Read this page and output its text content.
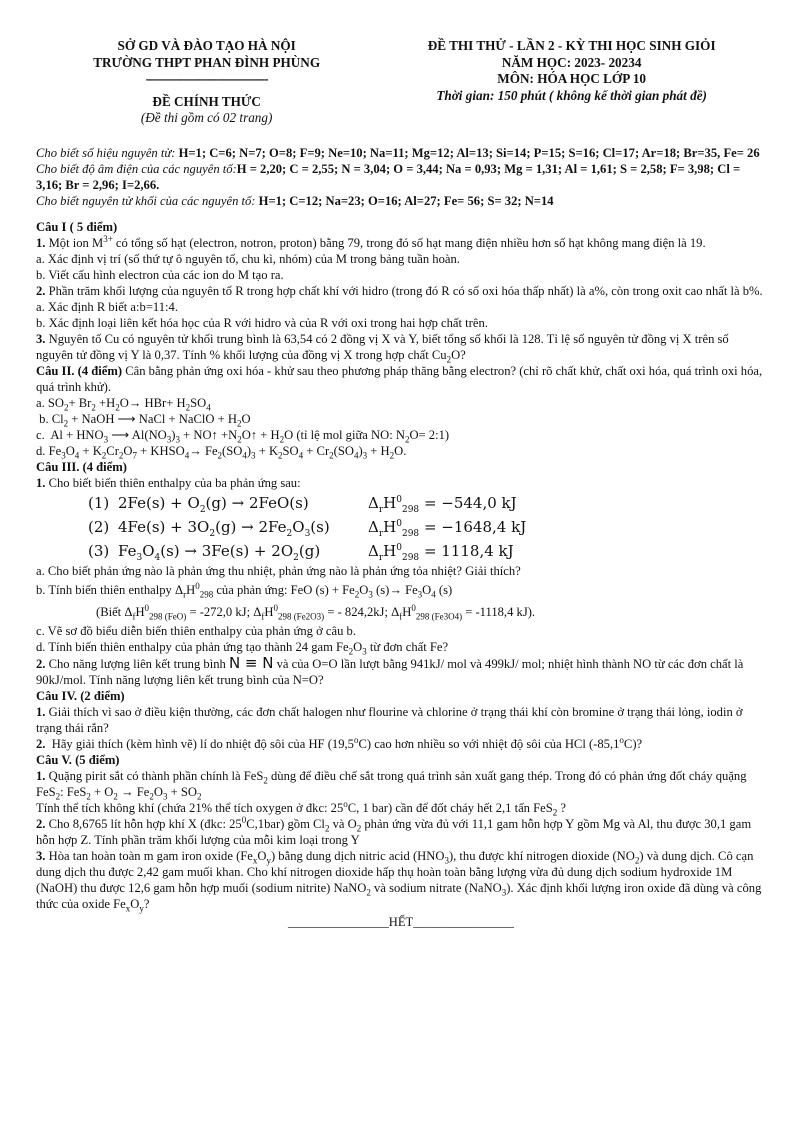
SỞ GD VÀ ĐÀO TẠO HÀ NỘI
TRƯỜNG THPT PHAN ĐÌNH PHÙNG
------------------------------------
ĐỀ CHÍNH THỨC
(Đề thi gồm có 02 trang)
ĐỀ THI THỬ - LẦN 2 - KỲ THI HỌC SINH GIỎI
NĂM HỌC: 2023- 20234
MÔN: HÓA HỌC LỚP 10
Thời gian: 150 phút ( không kể thời gian phát đề)

Cho biết số hiệu nguyên tử: H=1; C=6; N=7; O=8; F=9; Ne=10; Na=11; Mg=12; Al=13; Si=14; P=15; S=16; Cl=17; Ar=18; Br=35, Fe= 26

Cho biết độ âm điện của các nguyên tố:H = 2,20; C = 2,55; N = 3,04; O = 3,44; Na = 0,93; Mg = 1,31; Al = 1,61; S = 2,58; F= 3,98; Cl = 3,16; Br = 2,96; I=2,66.

Cho biết nguyên tử khối của các nguyên tố: H=1; C=12; Na=23; O=16; Al=27; Fe= 56; S= 32; N=14

Câu I ( 5 điểm)

1. Một ion $M^{3+}$ có tổng số hạt (electron, notron, proton) bằng 79, trong đó số hạt mang điện nhiều hơn số hạt không mang điện là 19.

a. Xác định vị trí (số thứ tự ô nguyên tố, chu kì, nhóm) của M trong bảng tuần hoàn.

b. Viết cấu hình electron của các ion do M tạo ra.

2. Phần trăm khối lượng của nguyên tố R trong hợp chất khí với hidro (trong đó R có số oxi hóa thấp nhất) là a%, còn trong oxit cao nhất là b%.

a. Xác định R biết a:b=11:4.

b. Xác định loại liên kết hóa học của R với hidro và của R với oxi trong hai hợp chất trên.

3. Nguyên tố Cu có nguyên tử khối trung bình là 63,54 có 2 đồng vị X và Y, biết tổng số khối là 128. Tỉ lệ số nguyên tử đồng vị X trên số nguyên tử đồng vị Y là 0,37. Tính % khối lượng của đồng vị X trong hợp chất $Cu_2O$?

Câu II. (4 điểm) Cân bằng phản ứng oxi hóa - khử sau theo phương pháp thăng bằng electron? (chỉ rõ chất khử, chất oxi hóa, quá trình oxi hóa, quá trình khử).

a. $SO_2+ Br_2 +H_2O\to HBr+ H_2SO_4$

b. $Cl_2$ + NaOH ⟶ NaCl + NaClO + $H_2O$

c.  $Al + HNO_3$ ⟶ $Al(NO_3)_3$ + NO↑ $+N_2O↑ + H_2O$ (tỉ lệ mol giữa NO: $N_2O=$ 2:1)

d. $Fe_3O_4 + K_2Cr_2O_7$ + $KHSO_4\to Fe_2(SO_4)_3 + K_2SO_4 + Cr_2(SO_4)_3 + H_2O$.

Câu III. (4 điểm)

1. Cho biết biến thiên enthalpy của ba phản ứng sau:

(1) $2Fe(s) + O_2(g) \to 2FeO(s)$	$\Delta_rH^0_{298} = -544,0$ kJ
(2) $4Fe(s) + 3O_2(g) \to 2Fe_2O_3(s)$	$\Delta_rH^0_{298} = -1648,4$ kJ
(3) $Fe_3O_4(s) \to 3Fe(s) + 2O_2(g)$	$\Delta_rH^0_{298} = 1118,4$ kJ

a. Cho biết phản ứng nào là phản ứng thu nhiệt, phản ứng nào là phản ứng tỏa nhiệt? Giải thích?

b. Tính biến thiên enthalpy $\Delta_rH^0_{298}$ của phản ứng: FeO $(s) + Fe_2O_3$ $(s)\to Fe_3O_4$ (s)

(Biết $\Delta_fH^0_{298 (FeO)} = -272,0$ kJ; $\Delta_fH^0_{298 (Fe2O3)}$ = - 824,2kJ; $\Delta_fH^0_{298 (Fe3O4)} = -1118,4$ kJ).

c. Vẽ sơ đồ biểu diễn biến thiên enthalpy của phản ứng ở câu b.

d. Tính biến thiên enthalpy của phản ứng tạo thành 24 gam $Fe_2O_3$ từ đơn chất Fe?

2. Cho năng lượng liên kết trung bình N ≡ N và của O=O lần lượt bằng 941kJ/ mol và 499kJ/ mol; nhiệt hình thành NO từ các đơn chất là 90kJ/mol. Tính năng lượng liên kết trung bình của N=O?

Câu IV. (2 điểm)

1. Giải thích vì sao ở điều kiện thường, các đơn chất halogen như flourine và chlorine ở trạng thái khí còn bromine ở trạng thái lỏng, iodin ở trạng thái rắn?

2.  Hãy giải thích (kèm hình vẽ) lí do nhiệt độ sôi của HF (19,5$^o$C) cao hơn nhiều so với nhiệt độ sôi của HCl (-85,1$^o$C)?

Câu V. (5 điểm)

1. Quặng pirit sắt có thành phần chính là FeS$_2$ dùng để điều chế sắt trong quá trình sản xuất gang thép. Trong đó có phản ứng đốt cháy quặng FeS$_2$: $FeS_2 + O_2 \to Fe_2O_3 + SO_2$

Tính thể tích không khí (chứa 21% thể tích oxygen ở đkc: 25$^o$C, 1 bar) cần để đốt cháy hết 2,1 tấn FeS$_2$ ?

2. Cho 8,6765 lít hỗn hợp khí X (đkc: $25^0C,1bar$) gồm $Cl_2$ và $O_2$ phản ứng vừa đủ với 11,1 gam hỗn hợp Y gồm Mg và Al, thu được 30,1 gam hỗn hợp Z. Tính phần trăm khối lượng của mỗi kim loại trong Y

3. Hòa tan hoàn toàn m gam iron oxide $(Fe_xO_y)$ bằng dung dịch nitric acid $(HNO_3)$, thu được khí nitrogen dioxide $(NO_2)$ và dung dịch. Cô cạn dung dịch thu được 2,42 gam muối khan. Cho khí nitrogen dioxide hấp thụ hoàn toàn bằng lượng vừa đủ dung dịch sodium hydroxide 1M (NaOH) thu được 12,6 gam hỗn hợp muối (sodium nitrite) NaNO$_2$ và sodium nitrate (NaNO$_3$). Xác định khối lượng iron oxide đã dùng và công thức của oxide $Fe_xO_y$?

________________HẾT________________
